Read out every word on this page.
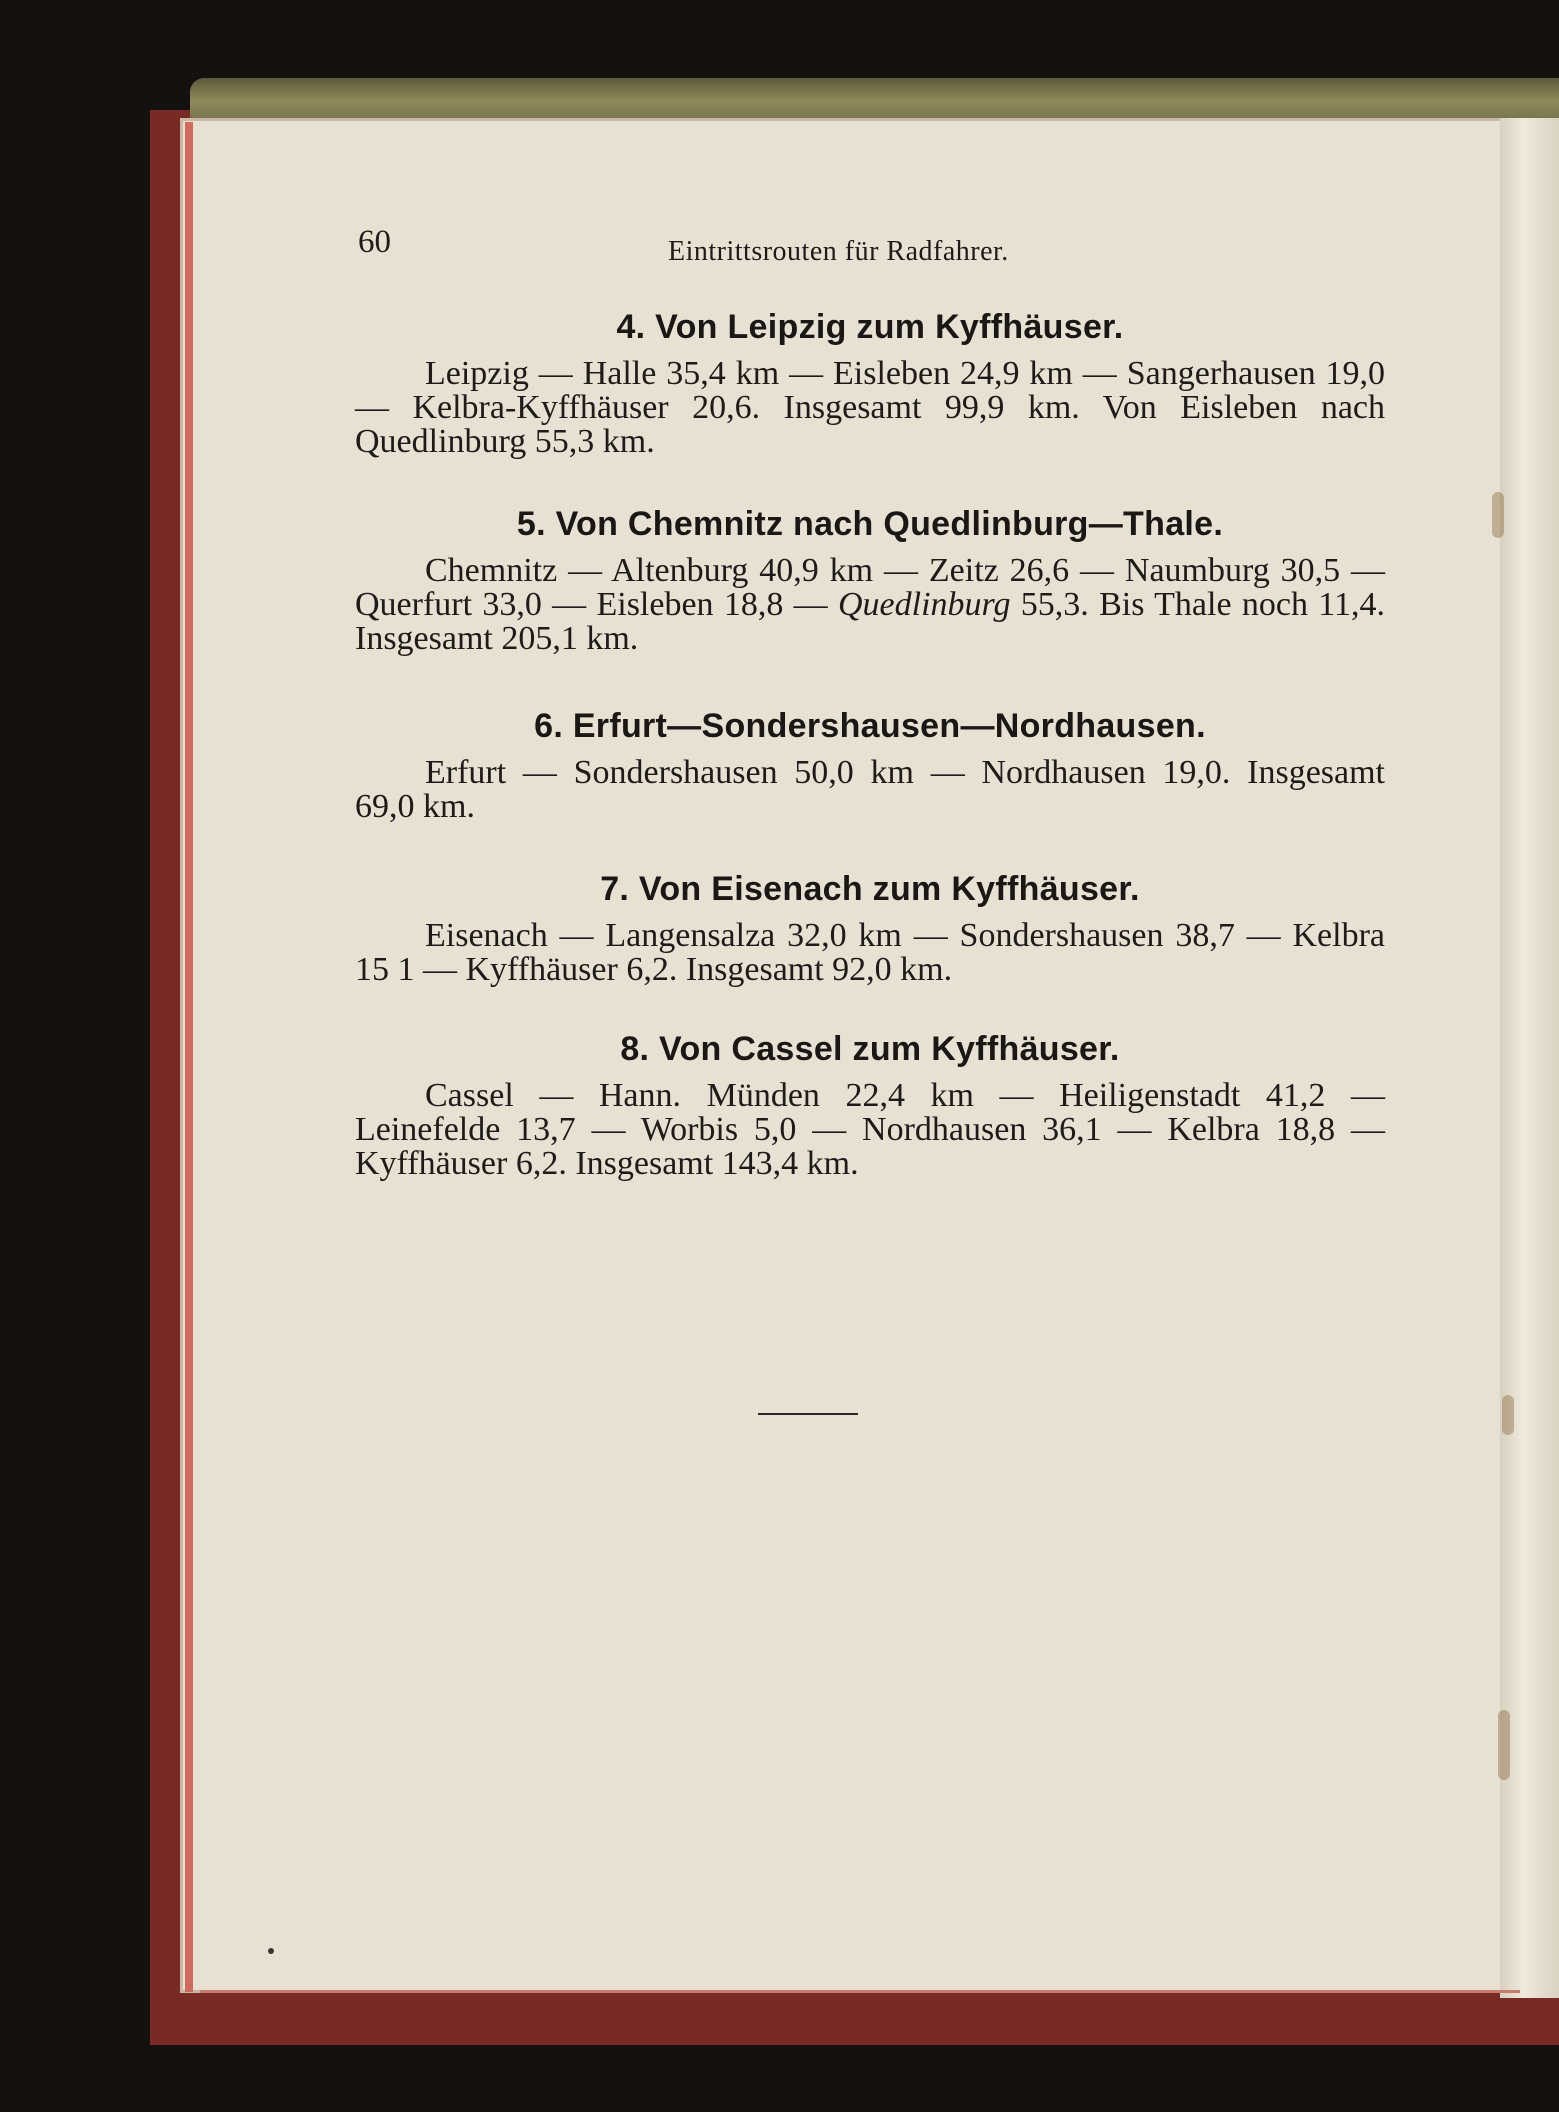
60	Eintrittsrouten für Radfahrer.
4. Von Leipzig zum Kyffhäuser.

Leipzig — Halle 35,4 km — Eisleben 24,9 km — Sangerhausen 19,0 — Kelbra-Kyffhäuser 20,6. Insgesamt 99,9 km. Von Eisleben nach Quedlinburg 55,3 km.

5. Von Chemnitz nach Quedlinburg—Thale.

Chemnitz — Altenburg 40,9 km — Zeitz 26,6 — Naumburg 30,5 — Querfurt 33,0 — Eisleben 18,8 — Quedlinburg 55,3. Bis Thale noch 11,4. Insgesamt 205,1 km.

6. Erfurt—Sondershausen—Nordhausen.

Erfurt — Sondershausen 50,0 km — Nordhausen 19,0. Insgesamt 69,0 km.

7. Von Eisenach zum Kyffhäuser.

Eisenach — Langensalza 32,0 km — Sondershausen 38,7 — Kelbra 15 1 — Kyffhäuser 6,2. Insgesamt 92,0 km.

8. Von Cassel zum Kyffhäuser.

Cassel — Hann. Münden 22,4 km — Heiligenstadt 41,2 — Leinefelde 13,7 — Worbis 5,0 — Nordhausen 36,1 — Kelbra 18,8 — Kyffhäuser 6,2. Insgesamt 143,4 km.
